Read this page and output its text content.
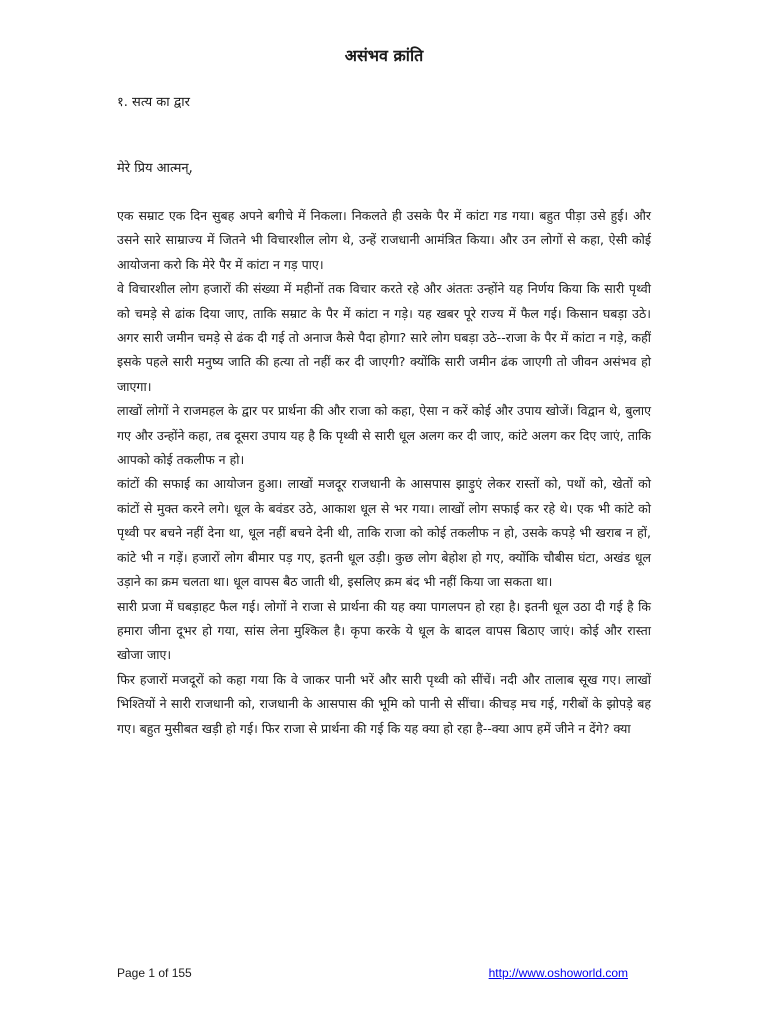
असंभव क्रांति
१. सत्य का द्वार
मेरे प्रिय आत्मन्,

एक सम्राट एक दिन सुबह अपने बगीचे में निकला। निकलते ही उसके पैर में कांटा गड गया। बहुत पीड़ा उसे हुई। और उसने सारे साम्राज्य में जितने भी विचारशील लोग थे, उन्हें राजधानी आमंत्रित किया। और उन लोगों से कहा, ऐसी कोई आयोजना करो कि मेरे पैर में कांटा न गड़ पाए।

वे विचारशील लोग हजारों की संख्या में महीनों तक विचार करते रहे और अंततः उन्होंने यह निर्णय किया कि सारी पृथ्वी को चमड़े से ढांक दिया जाए, ताकि सम्राट के पैर में कांटा न गड़े। यह खबर पूरे राज्य में फैल गई। किसान घबड़ा उठे। अगर सारी जमीन चमड़े से ढंक दी गई तो अनाज कैसे पैदा होगा? सारे लोग घबड़ा उठे--राजा के पैर में कांटा न गड़े, कहीं इसके पहले सारी मनुष्य जाति की हत्या तो नहीं कर दी जाएगी? क्योंकि सारी जमीन ढंक जाएगी तो जीवन असंभव हो जाएगा।

लाखों लोगों ने राजमहल के द्वार पर प्रार्थना की और राजा को कहा, ऐसा न करें कोई और उपाय खोजें। विद्वान थे, बुलाए गए और उन्होंने कहा, तब दूसरा उपाय यह है कि पृथ्वी से सारी धूल अलग कर दी जाए, कांटे अलग कर दिए जाएं, ताकि आपको कोई तकलीफ न हो।

कांटों की सफाई का आयोजन हुआ। लाखों मजदूर राजधानी के आसपास झाड़ुएं लेकर रास्तों को, पथों को, खेतों को कांटों से मुक्त करने लगे। धूल के बवंडर उठे, आकाश धूल से भर गया। लाखों लोग सफाई कर रहे थे। एक भी कांटे को पृथ्वी पर बचने नहीं देना था, धूल नहीं बचने देनी थी, ताकि राजा को कोई तकलीफ न हो, उसके कपड़े भी खराब न हों, कांटे भी न गड़ें। हजारों लोग बीमार पड़ गए, इतनी धूल उड़ी। कुछ लोग बेहोश हो गए, क्योंकि चौबीस घंटा, अखंड धूल उड़ाने का क्रम चलता था। धूल वापस बैठ जाती थी, इसलिए क्रम बंद भी नहीं किया जा सकता था।

सारी प्रजा में घबड़ाहट फैल गई। लोगों ने राजा से प्रार्थना की यह क्या पागलपन हो रहा है। इतनी धूल उठा दी गई है कि हमारा जीना दूभर हो गया, सांस लेना मुश्किल है। कृपा करके ये धूल के बादल वापस बिठाए जाएं। कोई और रास्ता खोजा जाए।

फिर हजारों मजदूरों को कहा गया कि वे जाकर पानी भरें और सारी पृथ्वी को सींचें। नदी और तालाब सूख गए। लाखों भिश्तियों ने सारी राजधानी को, राजधानी के आसपास की भूमि को पानी से सींचा। कीचड़ मच गई, गरीबों के झोपड़े बह गए। बहुत मुसीबत खड़ी हो गई। फिर राजा से प्रार्थना की गई कि यह क्या हो रहा है--क्या आप हमें जीने न देंगे? क्या

Page 1 of 155	http://www.oshoworld.com
